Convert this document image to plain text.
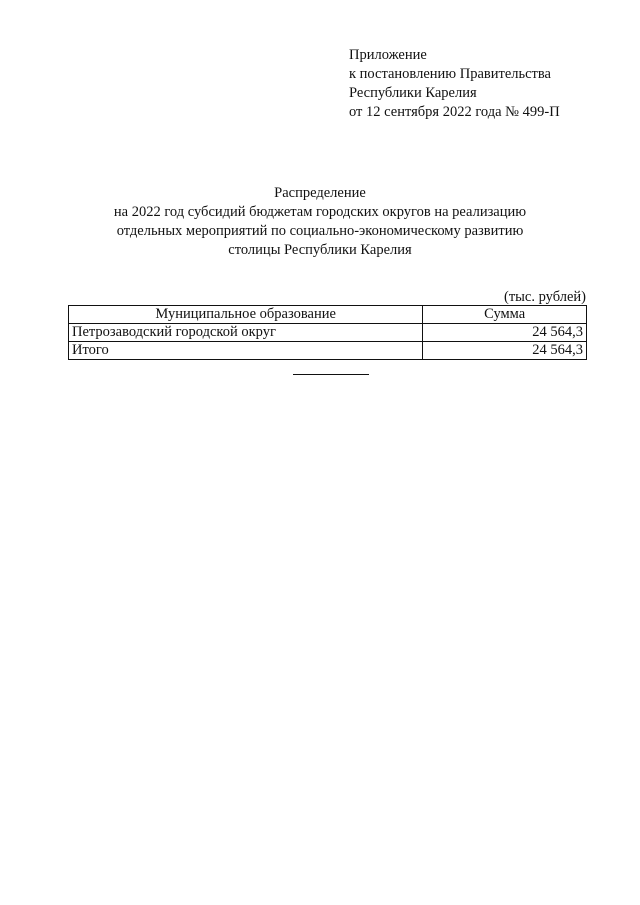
Приложение
к постановлению Правительства
Республики Карелия
от 12 сентября 2022 года № 499-П
Распределение
на 2022 год субсидий бюджетам городских округов на реализацию
отдельных мероприятий по социально-экономическому развитию
столицы Республики Карелия
(тыс. рублей)
Муниципальное образование	Сумма
Петрозаводский городской округ	24 564,3
Итого	24 564,3
